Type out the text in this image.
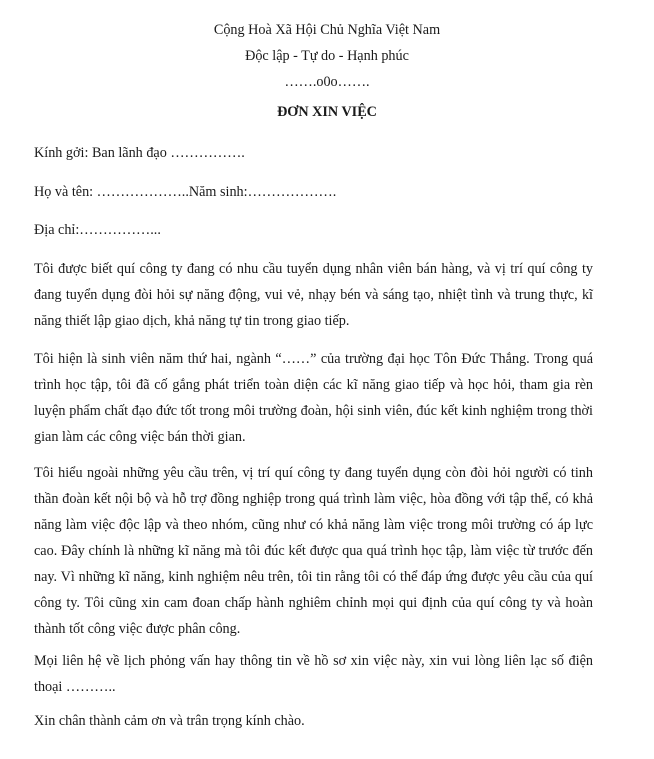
Cộng Hoà Xã Hội Chủ Nghĩa Việt Nam
Độc lập - Tự do - Hạnh phúc
…….o0o…….
ĐƠN XIN VIỆC
Kính gởi: Ban lãnh đạo …………….
Họ và tên: ………………..Năm sinh:……………….
Địa chỉ:……………...

Tôi được biết quí công ty đang có nhu cầu tuyển dụng nhân viên bán hàng, và vị trí quí công ty đang tuyển dụng đòi hỏi sự năng động, vui vẻ, nhạy bén và sáng tạo, nhiệt tình và trung thực, kĩ năng thiết lập giao dịch, khả năng tự tin trong giao tiếp.

Tôi hiện là sinh viên năm thứ hai, ngành “……” của trường đại học Tôn Đức Thắng. Trong quá trình học tập, tôi đã cố gắng phát triển toàn diện các kĩ năng giao tiếp và học hỏi, tham gia rèn luyện phẩm chất đạo đức tốt trong môi trường đoàn, hội sinh viên, đúc kết kinh nghiệm trong thời gian làm các công việc bán thời gian.

Tôi hiểu ngoài những yêu cầu trên, vị trí quí công ty đang tuyển dụng còn đòi hỏi người có tinh thần đoàn kết nội bộ và hỗ trợ đồng nghiệp trong quá trình làm việc, hòa đồng với tập thể, có khả năng làm việc độc lập và theo nhóm, cũng như có khả năng làm việc trong môi trường có áp lực cao. Đây chính là những kĩ năng mà tôi đúc kết được qua quá trình học tập, làm việc từ trước đến nay. Vì những kĩ năng, kinh nghiệm nêu trên, tôi tin rằng tôi có thể đáp ứng được yêu cầu của quí công ty. Tôi cũng xin cam đoan chấp hành nghiêm chỉnh mọi qui định của quí công ty và hoàn thành tốt công việc được phân công.

Mọi liên hệ về lịch phỏng vấn hay thông tin về hồ sơ xin việc này, xin vui lòng liên lạc số điện thoại ………..

Xin chân thành cảm ơn và trân trọng kính chào.
